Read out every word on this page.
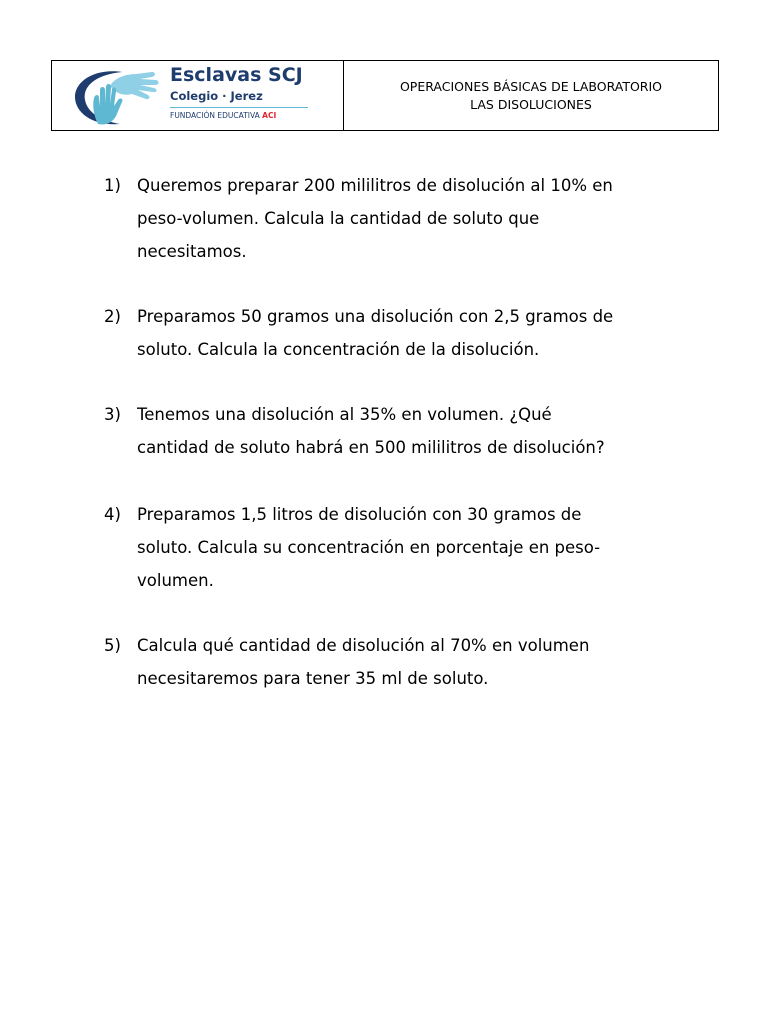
Esclavas SCJ
Colegio · Jerez
FUNDACIÓN EDUCATIVA ACI
OPERACIONES BÁSICAS DE LABORATORIO
LAS DISOLUCIONES
1) Queremos preparar 200 mililitros de disolución al 10% en
peso-volumen. Calcula la cantidad de soluto que
necesitamos.
2) Preparamos 50 gramos una disolución con 2,5 gramos de
soluto. Calcula la concentración de la disolución.
3) Tenemos una disolución al 35% en volumen. ¿Qué
cantidad de soluto habrá en 500 mililitros de disolución?
4) Preparamos 1,5 litros de disolución con 30 gramos de
soluto. Calcula su concentración en porcentaje en peso-
volumen.
5) Calcula qué cantidad de disolución al 70% en volumen
necesitaremos para tener 35 ml de soluto.
